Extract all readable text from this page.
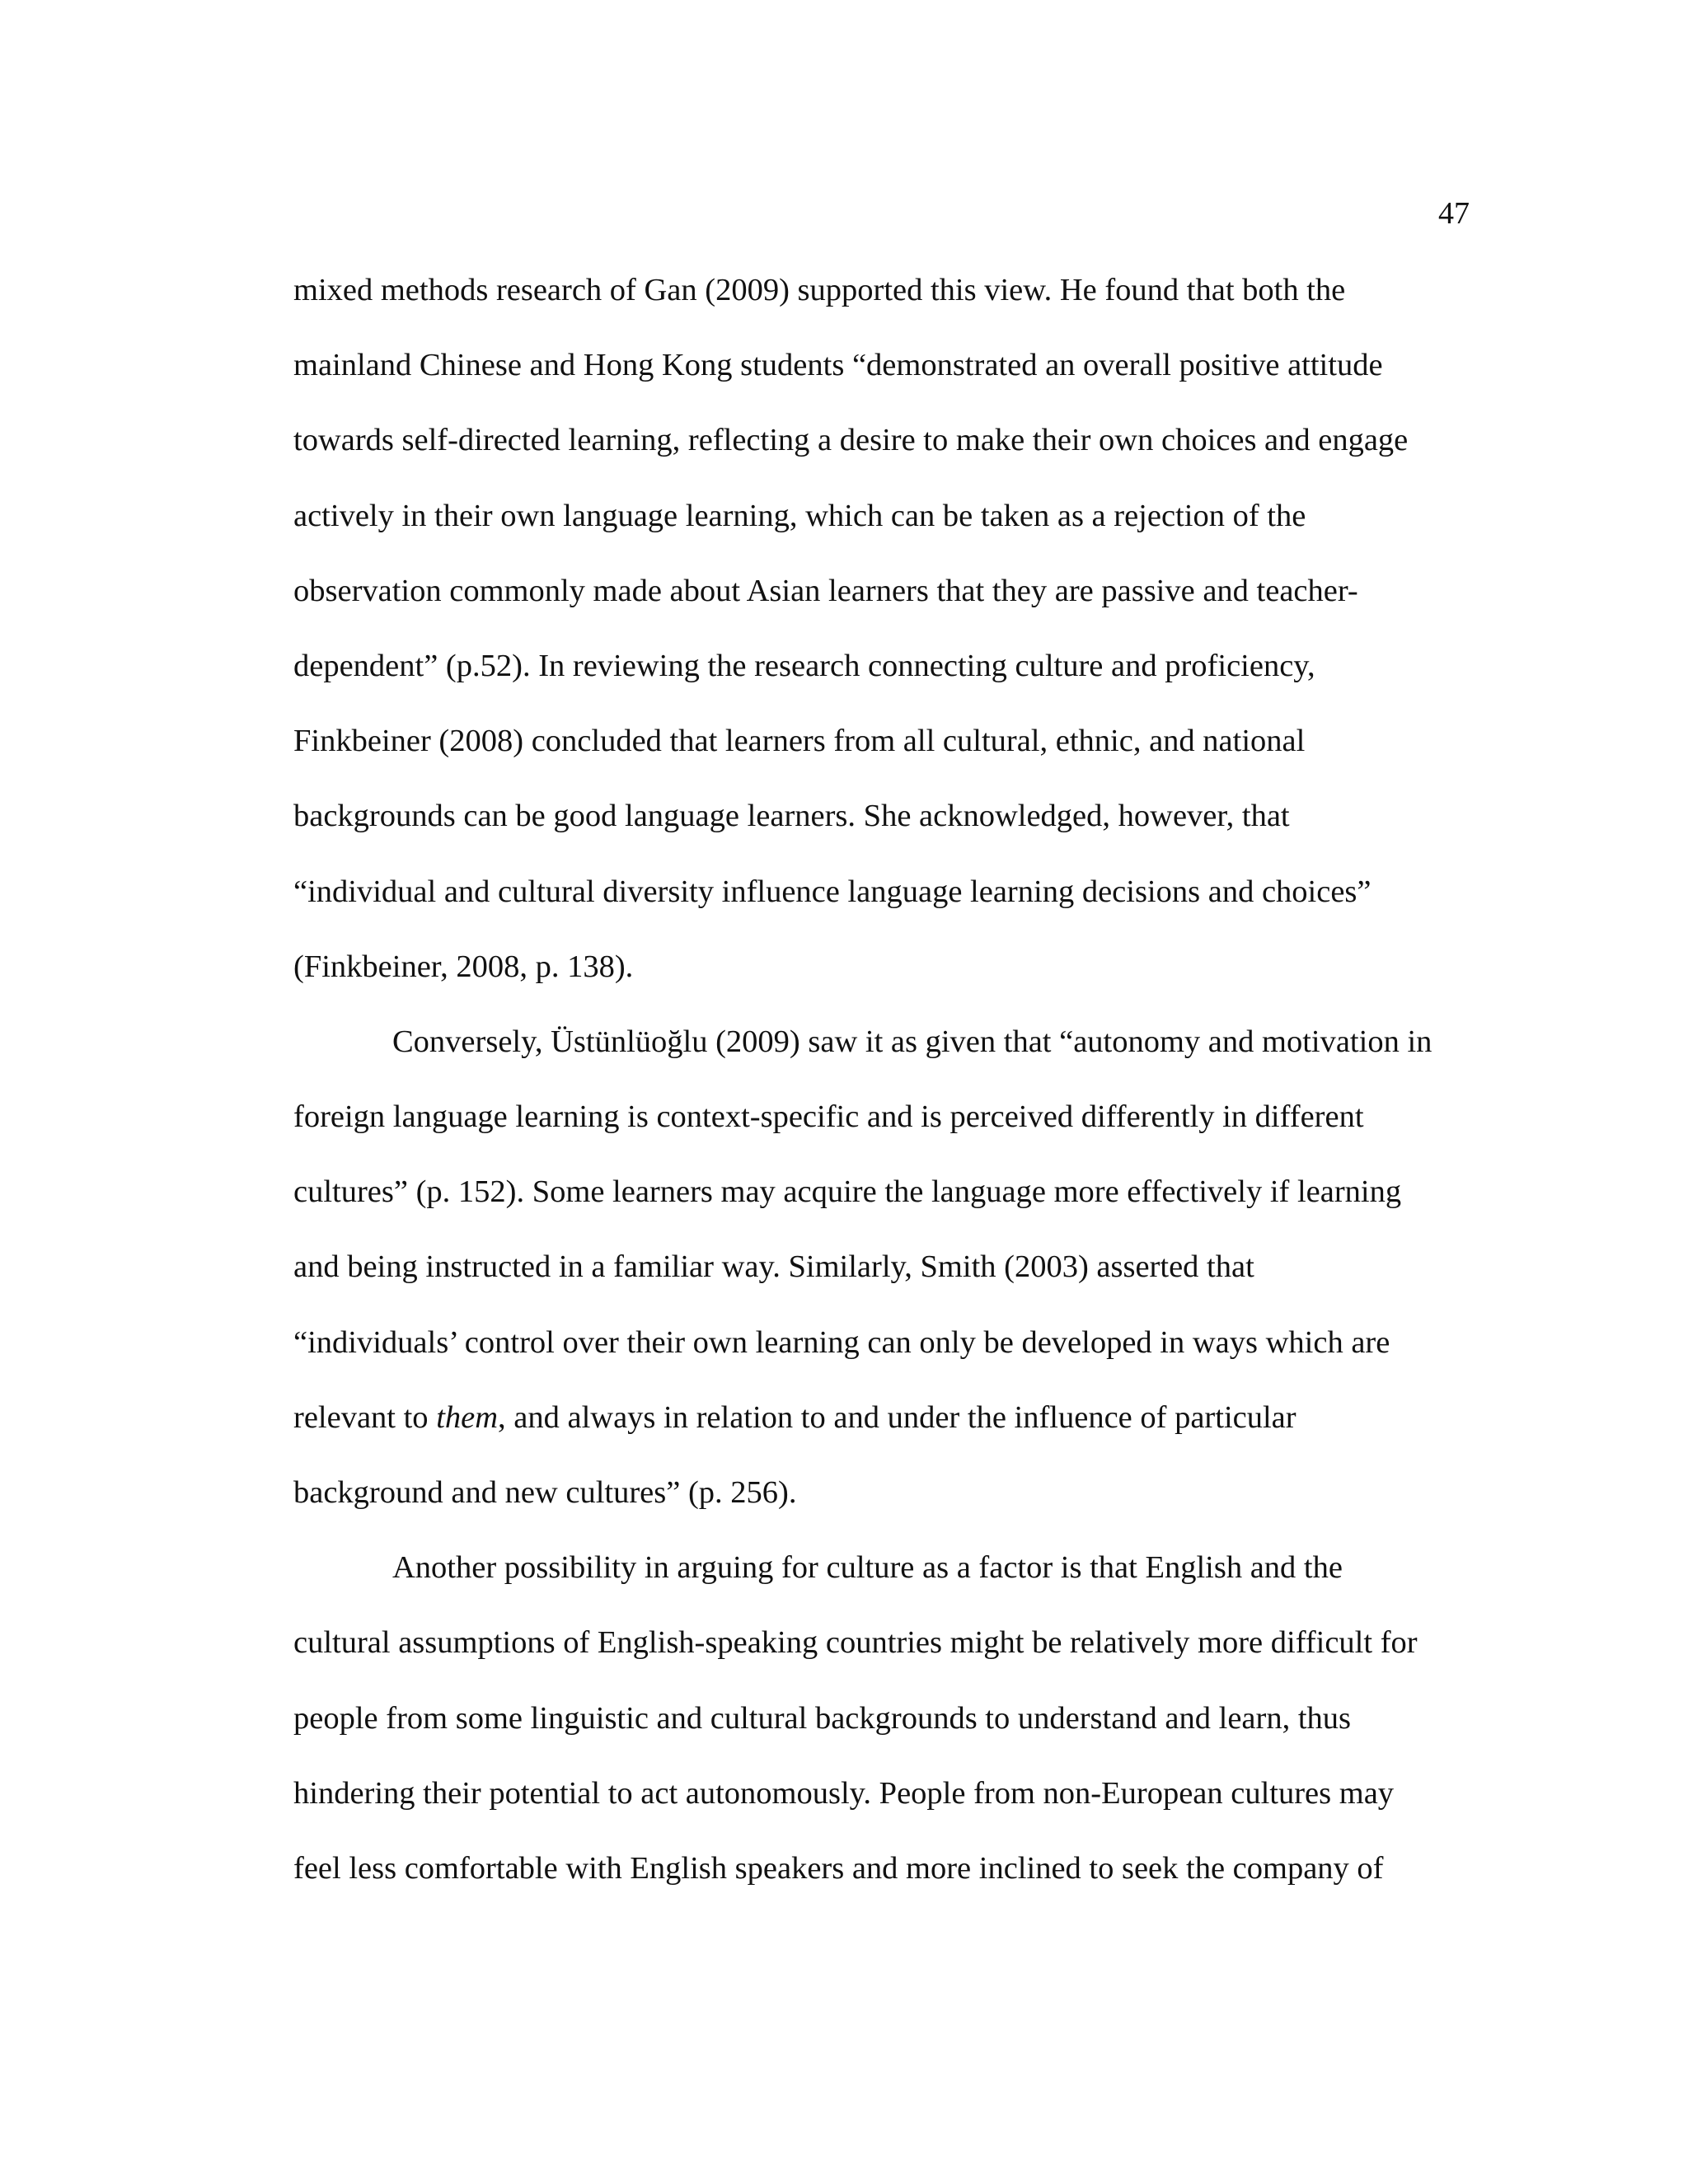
47
mixed methods research of Gan (2009) supported this view. He found that both the
mainland Chinese and Hong Kong students “demonstrated an overall positive attitude
towards self-directed learning, reflecting a desire to make their own choices and engage
actively in their own language learning, which can be taken as a rejection of the
observation commonly made about Asian learners that they are passive and teacher-
dependent” (p.52). In reviewing the research connecting culture and proficiency,
Finkbeiner (2008) concluded that learners from all cultural, ethnic, and national
backgrounds can be good language learners. She acknowledged, however, that
“individual and cultural diversity influence language learning decisions and choices”
(Finkbeiner, 2008, p. 138).
Conversely, Üstünlüoğlu (2009) saw it as given that “autonomy and motivation in
foreign language learning is context-specific and is perceived differently in different
cultures” (p. 152). Some learners may acquire the language more effectively if learning
and being instructed in a familiar way. Similarly, Smith (2003) asserted that
“individuals’ control over their own learning can only be developed in ways which are
relevant to them, and always in relation to and under the influence of particular
background and new cultures” (p. 256).
Another possibility in arguing for culture as a factor is that English and the
cultural assumptions of English-speaking countries might be relatively more difficult for
people from some linguistic and cultural backgrounds to understand and learn, thus
hindering their potential to act autonomously. People from non-European cultures may
feel less comfortable with English speakers and more inclined to seek the company of
